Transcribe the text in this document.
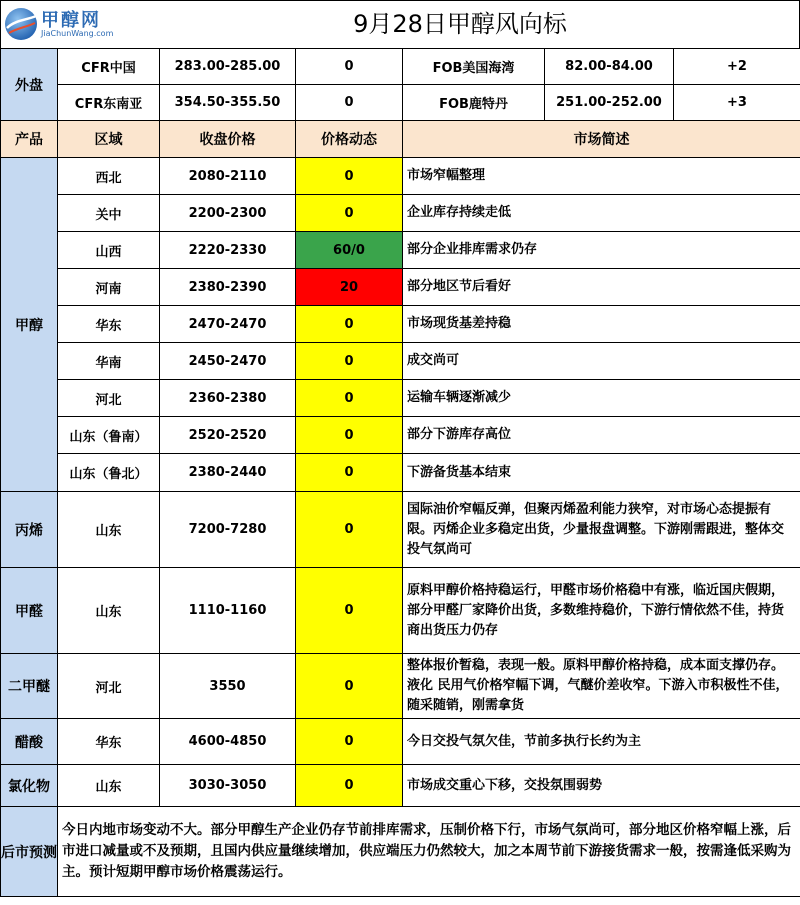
甲醇网
JiaChunWang.com	9月28日甲醇风向标
外盘	CFR中国	283.00-285.00	0	FOB美国海湾	82.00-84.00	+2
	CFR东南亚	354.50-355.50	0	FOB鹿特丹	251.00-252.00	+3
产品	区域	收盘价格	价格动态	市场简述		
甲醇	西北	2080-2110	0	市场窄幅整理		
	关中	2200-2300	0	企业库存持续走低		
	山西	2220-2330	60/0	部分企业排库需求仍存		
	河南	2380-2390	20	部分地区节后看好		
	华东	2470-2470	0	市场现货基差持稳		
	华南	2450-2470	0	成交尚可		
	河北	2360-2380	0	运输车辆逐渐减少		
	山东（鲁南）	2520-2520	0	部分下游库存高位		
	山东（鲁北）	2380-2440	0	下游备货基本结束		
丙烯	山东	7200-7280	0	国际油价窄幅反弹，但聚丙烯盈利能力狭窄，对市场心态提振有限。丙烯企业多稳定出货，少量报盘调整。下游刚需跟进，整体交投气氛尚可		
甲醛	山东	1110-1160	0	原料甲醇价格持稳运行，甲醛市场价格稳中有涨，临近国庆假期，部分甲醛厂家降价出货，多数维持稳价，下游行情依然不佳，持货商出货压力仍存		
二甲醚	河北	3550	0	整体报价暂稳，表现一般。原料甲醇价格持稳，成本面支撑仍存。液化 民用气价格窄幅下调，气醚价差收窄。下游入市积极性不佳，随采随销，刚需拿货		
醋酸	华东	4600-4850	0	今日交投气氛欠佳，节前多执行长约为主		
氯化物	山东	3030-3050	0	市场成交重心下移，交投氛围弱势		
后市预测	今日内地市场变动不大。部分甲醇生产企业仍存节前排库需求，压制价格下行，市场气氛尚可，部分地区价格窄幅上涨，后市进口减量或不及预期，且国内供应量继续增加，供应端压力仍然较大，加之本周节前下游接货需求一般，按需逢低采购为主。预计短期甲醇市场价格震荡运行。					
